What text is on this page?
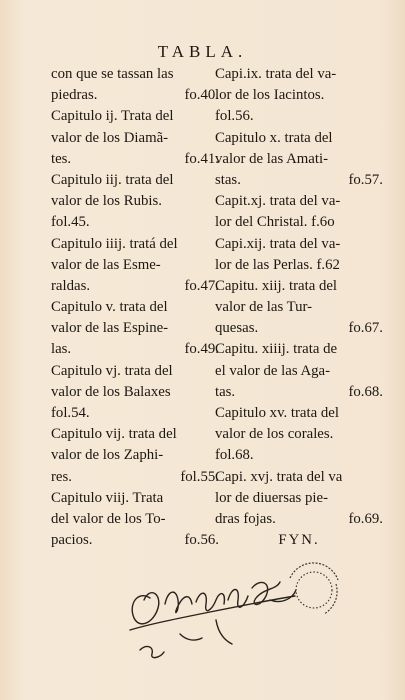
TABLA.
con que se tassan las
piedras.	fo.40.
Capitulo ij. Trata del
valor de los Diamã-
tes.	fo.41.
Capitulo iij. trata del
valor de los Rubis.
fol.45.
Capitulo iiij. tratá del
valor de las Esme-
raldas.	fo.47.
Capitulo v. trata del
valor de las Espine-
las.	fo.49.
Capitulo vj. trata del
valor de los Balaxes
fol.54.
Capitulo vij. trata del
valor de los Zaphi-
res.	fol.55.
Capitulo viij. Trata
del valor de los To-
pacios.	fo.56.
Capi.ix. trata del va-
lor de los Iacintos.
fol.56.
Capitulo x. trata del
valor de las Amati-
stas.	fo.57.
Capit.xj. trata del va-
lor del Christal. f.6o
Capi.xij. trata del va-
lor de las Perlas. f.62
Capitu. xiij. trata del
valor de las Tur-
quesas.	fo.67.
Capitu. xiiij. trata de
el valor de las Aga-
tas.	fo.68.
Capitulo xv. trata del
valor de los corales.
fol.68.
Capi. xvj. trata del va
lor de diuersas pie-
dras fojas.	fo.69.
FYN.
